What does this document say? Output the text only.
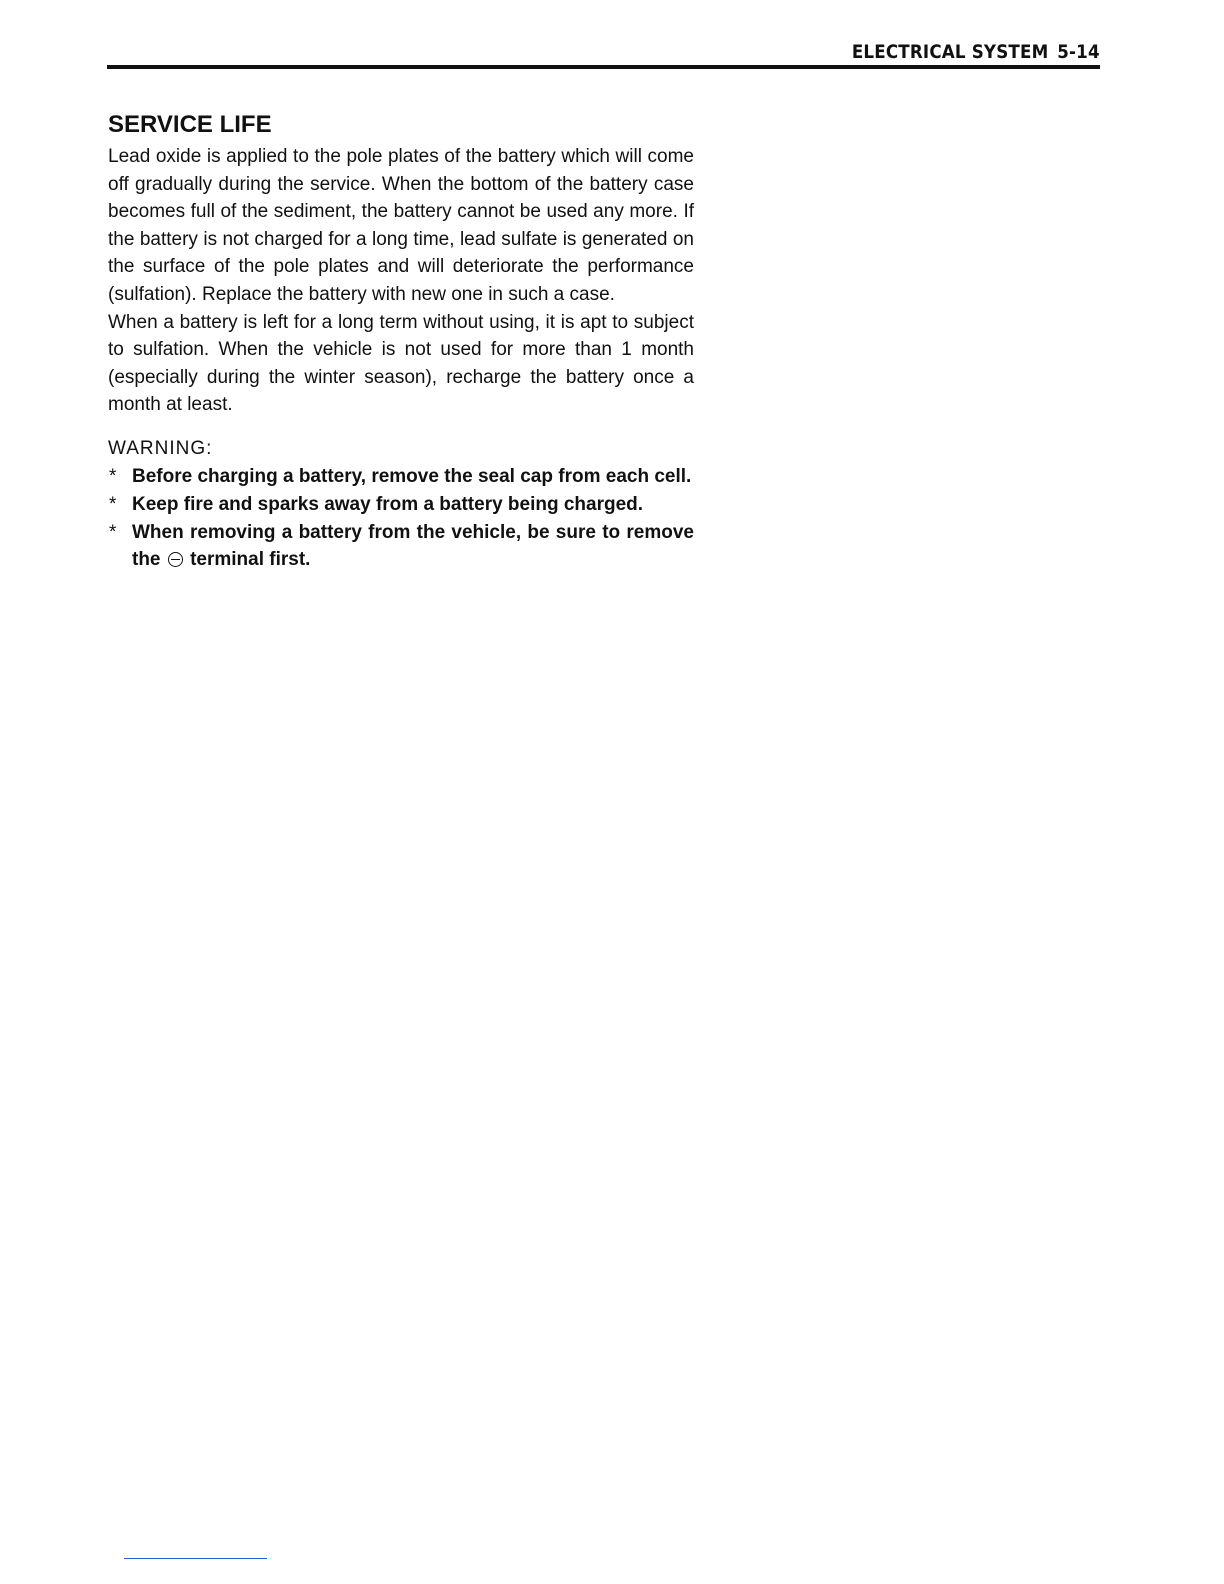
ELECTRICAL SYSTEM 5-14
SERVICE LIFE

Lead oxide is applied to the pole plates of the battery which will come off gradually during the service. When the bottom of the battery case becomes full of the sediment, the battery cannot be used any more. If the battery is not charged for a long time, lead sulfate is generated on the surface of the pole plates and will deteriorate the performance (sulfation). Replace the battery with new one in such a case.

When a battery is left for a long term without using, it is apt to subject to sulfation. When the vehicle is not used for more than 1 month (especially during the winter season), recharge the battery once a month at least.

WARNING:
* Before charging a battery, remove the seal cap from each cell.
* Keep fire and sparks away from a battery being charged.
* When removing a battery from the vehicle, be sure to remove the terminal first.
